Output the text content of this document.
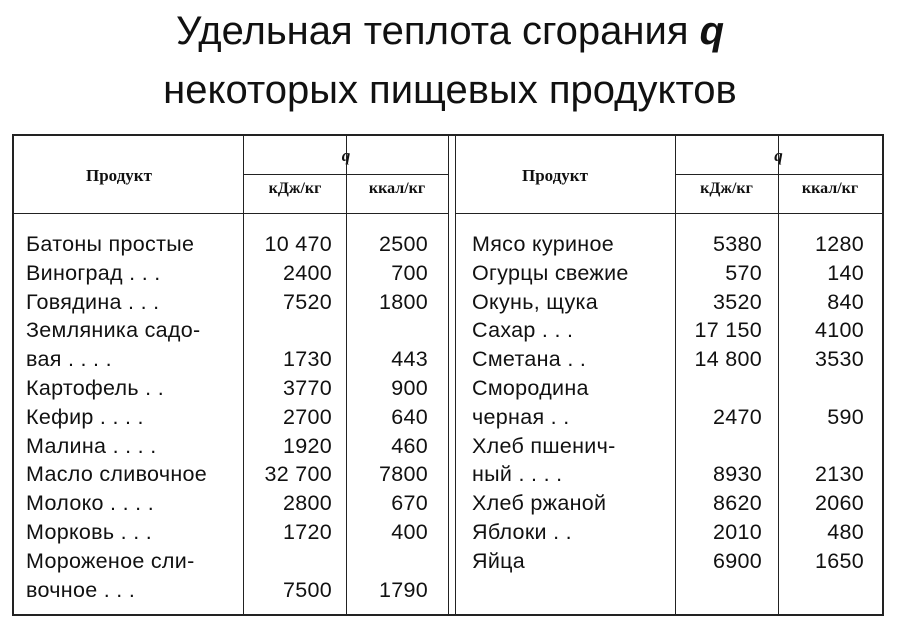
Удельная теплота сгорания q
некоторых пищевых продуктов
Продукт
q
кДж/кг	ккал/кг
Батоны простые	10 470	2500
Виноград . . .	2400	700
Говядина . . .	7520	1800
Земляника садо-
вая . . . .	1730	443
Картофель . .	3770	900
Кефир . . . .	2700	640
Малина . . . .	1920	460
Масло сливочное	32 700	7800
Молоко . . . .	2800	670
Морковь . . .	1720	400
Мороженое сли-
вочное . . .	7500	1790
Продукт
q
кДж/кг	ккал/кг
Мясо куриное	5380	1280
Огурцы свежие	570	140
Окунь, щука	3520	840
Сахар . . .	17 150	4100
Сметана . .	14 800	3530
Смородина
черная . .	2470	590
Хлеб пшенич-
ный . . . .	8930	2130
Хлеб ржаной	8620	2060
Яблоки . .	2010	480
Яйца	6900	1650
